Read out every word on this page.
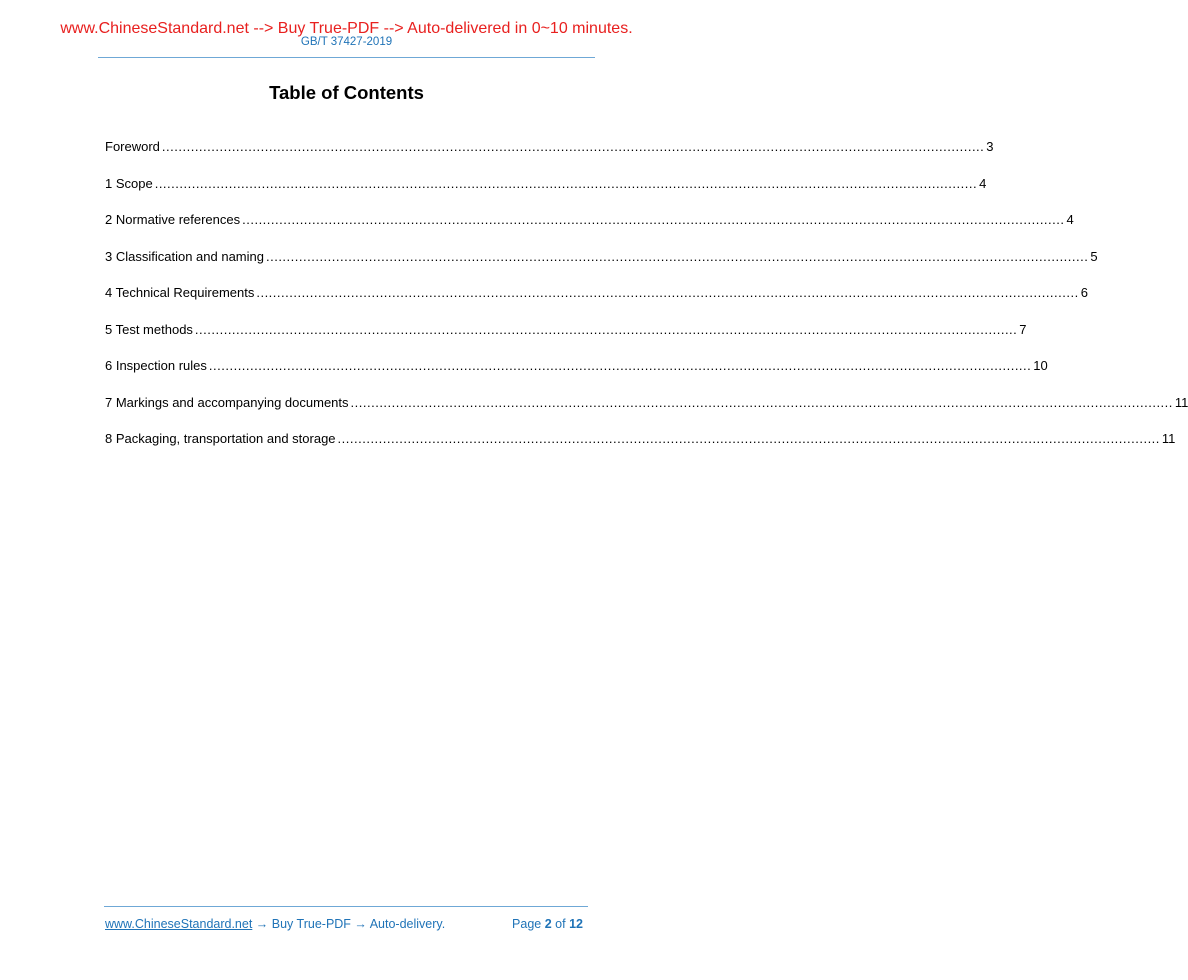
www.ChineseStandard.net --> Buy True-PDF --> Auto-delivered in 0~10 minutes.
GB/T 37427-2019
Table of Contents
Foreword ........................................................................................................................................................................................................ 3
1 Scope ........................................................................................................................................................................................................ 4
2 Normative references ........................................................................................................................................................................................................ 4
3 Classification and naming ........................................................................................................................................................................................................ 5
4 Technical Requirements ........................................................................................................................................................................................................ 6
5 Test methods ........................................................................................................................................................................................................ 7
6 Inspection rules ........................................................................................................................................................................................................ 10
7 Markings and accompanying documents ........................................................................................................................................................................................................ 11
8 Packaging, transportation and storage ........................................................................................................................................................................................................ 11
www.ChineseStandard.net → Buy True-PDF → Auto-delivery.	Page 2 of 12
